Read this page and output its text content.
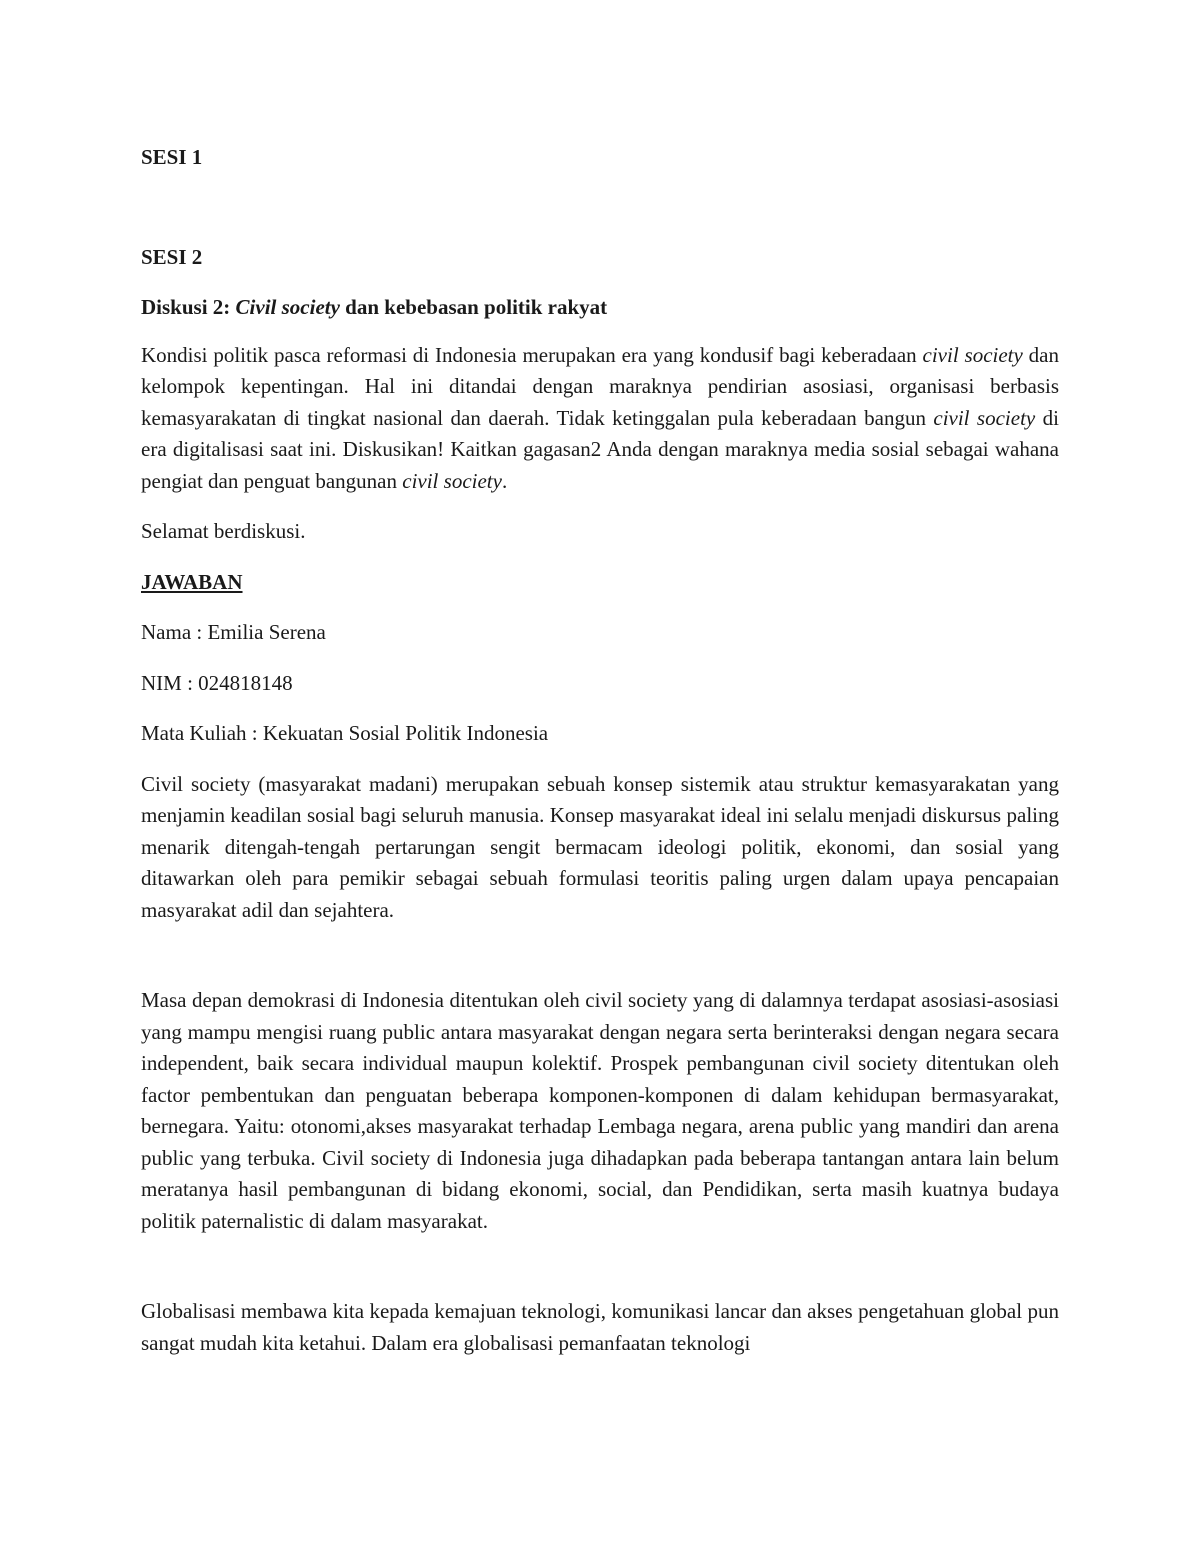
SESI 1

SESI 2

Diskusi 2: Civil society dan kebebasan politik rakyat

Kondisi politik pasca reformasi di Indonesia merupakan era yang kondusif bagi keberadaan civil society dan kelompok kepentingan. Hal ini ditandai dengan maraknya pendirian asosiasi, organisasi berbasis kemasyarakatan di tingkat nasional dan daerah. Tidak ketinggalan pula keberadaan bangun civil society di era digitalisasi saat ini. Diskusikan! Kaitkan gagasan2 Anda dengan maraknya media sosial sebagai wahana pengiat dan penguat bangunan civil society.

Selamat berdiskusi.

JAWABAN

Nama : Emilia Serena

NIM : 024818148

Mata Kuliah : Kekuatan Sosial Politik Indonesia

Civil society (masyarakat madani) merupakan sebuah konsep sistemik atau struktur kemasyarakatan yang menjamin keadilan sosial bagi seluruh manusia. Konsep masyarakat ideal ini selalu menjadi diskursus paling menarik ditengah-tengah pertarungan sengit bermacam ideologi politik, ekonomi, dan sosial yang ditawarkan oleh para pemikir sebagai sebuah formulasi teoritis paling urgen dalam upaya pencapaian masyarakat adil dan sejahtera.

Masa depan demokrasi di Indonesia ditentukan oleh civil society yang di dalamnya terdapat asosiasi-asosiasi yang mampu mengisi ruang public antara masyarakat dengan negara serta berinteraksi dengan negara secara independent, baik secara individual maupun kolektif. Prospek pembangunan civil society ditentukan oleh factor pembentukan dan penguatan beberapa komponen-komponen di dalam kehidupan bermasyarakat, bernegara. Yaitu: otonomi,akses masyarakat terhadap Lembaga negara, arena public yang mandiri dan arena public yang terbuka. Civil society di Indonesia juga dihadapkan pada beberapa tantangan antara lain belum meratanya hasil pembangunan di bidang ekonomi, social, dan Pendidikan, serta masih kuatnya budaya politik paternalistic di dalam masyarakat.

Globalisasi membawa kita kepada kemajuan teknologi, komunikasi lancar dan akses pengetahuan global pun sangat mudah kita ketahui. Dalam era globalisasi pemanfaatan teknologi
